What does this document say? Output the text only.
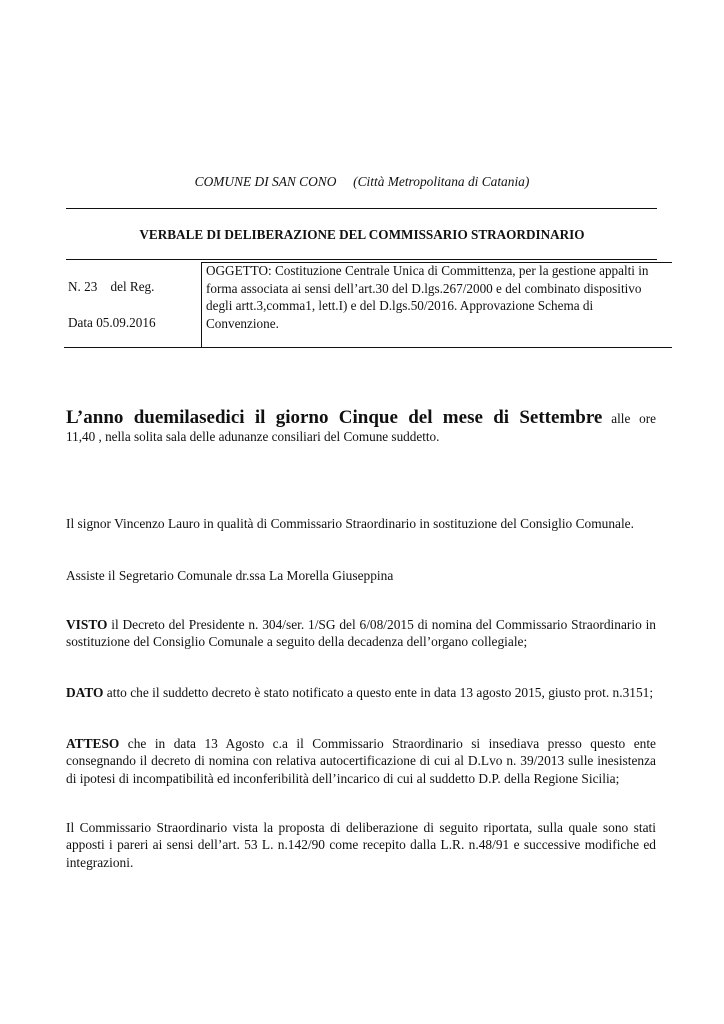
COMUNE DI SAN CONO (Città Metropolitana di Catania)
VERBALE DI DELIBERAZIONE DEL COMMISSARIO STRAORDINARIO
N. 23 del Reg.
Data 05.09.2016
OGGETTO: Costituzione Centrale Unica di Committenza, per la gestione appalti in forma associata ai sensi dell’art.30 del D.lgs.267/2000 e del combinato dispositivo degli artt.3,comma1, lett.I) e del D.lgs.50/2016. Approvazione Schema di Convenzione.
L’anno duemilasedici il giorno Cinque del mese di Settembre alle ore
11,40 , nella solita sala delle adunanze consiliari del Comune suddetto.
Il signor Vincenzo Lauro in qualità di Commissario Straordinario in sostituzione del Consiglio Comunale.
Assiste il Segretario Comunale dr.ssa La Morella Giuseppina
VISTO il Decreto del Presidente n. 304/ser. 1/SG del 6/08/2015 di nomina del Commissario Straordinario in sostituzione del Consiglio Comunale a seguito della decadenza dell’organo collegiale;
DATO atto che il suddetto decreto è stato notificato a questo ente in data 13 agosto 2015, giusto prot. n.3151;
ATTESO che in data 13 Agosto c.a il Commissario Straordinario si insediava presso questo ente consegnando il decreto di nomina con relativa autocertificazione di cui al D.Lvo n. 39/2013 sulle inesistenza di ipotesi di incompatibilità ed inconferibilità dell’incarico di cui al suddetto D.P. della Regione Sicilia;
Il Commissario Straordinario vista la proposta di deliberazione di seguito riportata, sulla quale sono stati apposti i pareri ai sensi dell’art. 53 L. n.142/90 come recepito dalla L.R. n.48/91 e successive modifiche ed integrazioni.
